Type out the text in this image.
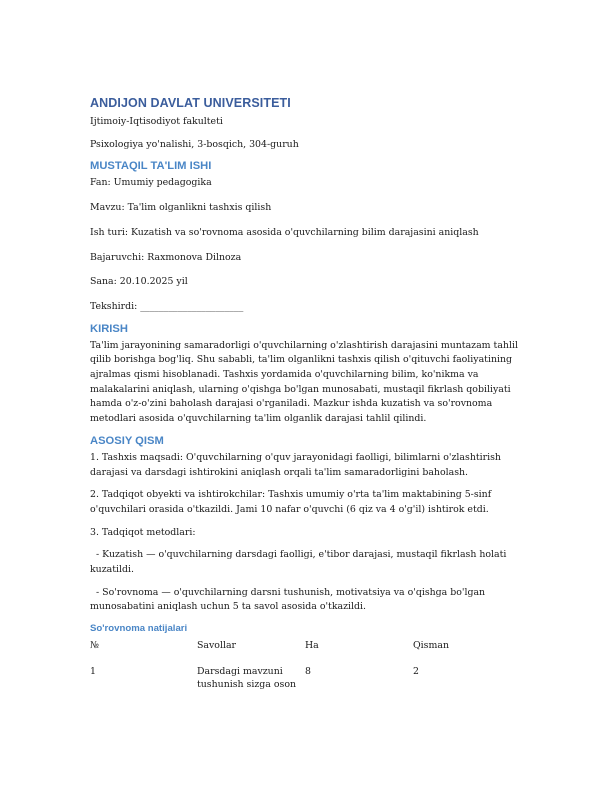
ANDIJON DAVLAT UNIVERSITETI

Ijtimoiy-Iqtisodiyot fakulteti

Psixologiya yo'nalishi, 3-bosqich, 304-guruh

MUSTAQIL TA'LIM ISHI

Fan: Umumiy pedagogika

Mavzu: Ta'lim olganlikni tashxis qilish

Ish turi: Kuzatish va so'rovnoma asosida o'quvchilarning bilim darajasini aniqlash

Bajaruvchi: Raxmonova Dilnoza

Sana: 20.10.2025 yil

Tekshirdi: ______________________

KIRISH

Ta'lim jarayonining samaradorligi o'quvchilarning o'zlashtirish darajasini muntazam tahlil qilib borishga bog'liq. Shu sababli, ta'lim olganlikni tashxis qilish o'qituvchi faoliyatining ajralmas qismi hisoblanadi. Tashxis yordamida o'quvchilarning bilim, ko'nikma va malakalarini aniqlash, ularning o'qishga bo'lgan munosabati, mustaqil fikrlash qobiliyati hamda o'z-o'zini baholash darajasi o'rganiladi. Mazkur ishda kuzatish va so'rovnoma metodlari asosida o'quvchilarning ta'lim olganlik darajasi tahlil qilindi.

ASOSIY QISM

1. Tashxis maqsadi: O'quvchilarning o'quv jarayonidagi faolligi, bilimlarni o'zlashtirish darajasi va darsdagi ishtirokini aniqlash orqali ta'lim samaradorligini baholash.

2. Tadqiqot obyekti va ishtirokchilar: Tashxis umumiy o'rta ta'lim maktabining 5-sinf o'quvchilari orasida o'tkazildi. Jami 10 nafar o'quvchi (6 qiz va 4 o'g'il) ishtirok etdi.

3. Tadqiqot metodlari:

- Kuzatish — o'quvchilarning darsdagi faolligi, e'tibor darajasi, mustaqil fikrlash holati kuzatildi.

- So'rovnoma — o'quvchilarning darsni tushunish, motivatsiya va o'qishga bo'lgan munosabatini aniqlash uchun 5 ta savol asosida o'tkazildi.

So'rovnoma natijalari
№	Savollar	Ha	Qisman

1	Darsdagi mavzuni tushunish sizga oson	8	2
